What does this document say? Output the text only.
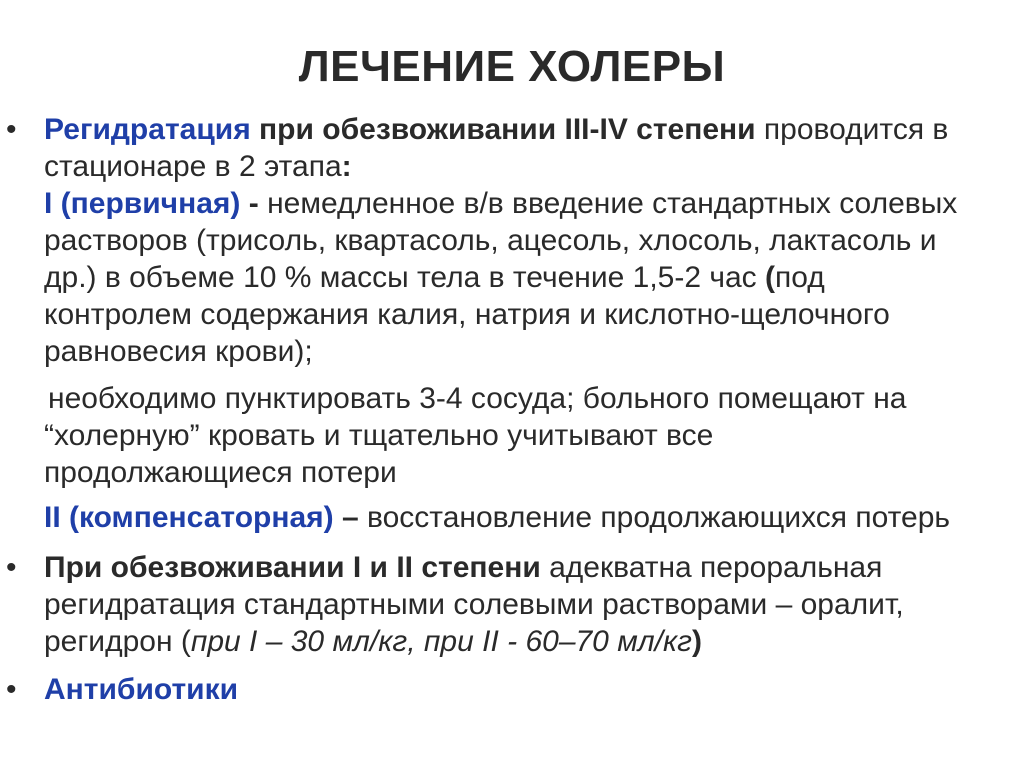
ЛЕЧЕНИЕ ХОЛЕРЫ
• Регидратация при обезвоживании III-IV степени проводится в
стационаре в 2 этапа:
I (первичная) - немедленное в/в введение стандартных солевых
растворов (трисоль, квартасоль, ацесоль, хлосоль, лактасоль и
др.) в объеме 10 % массы тела в течение 1,5-2 час (под
контролем содержания калия, натрия и кислотно-щелочного
равновесия крови);
необходимо пунктировать 3-4 сосуда; больного помещают на
“холерную” кровать и тщательно учитывают все
продолжающиеся потери
II (компенсаторная) – восстановление продолжающихся потерь
• При обезвоживании I и II степени адекватна пероральная
регидратация стандартными солевыми растворами – оралит,
регидрон (при I – 30 мл/кг, при II - 60–70 мл/кг)
• Антибиотики
